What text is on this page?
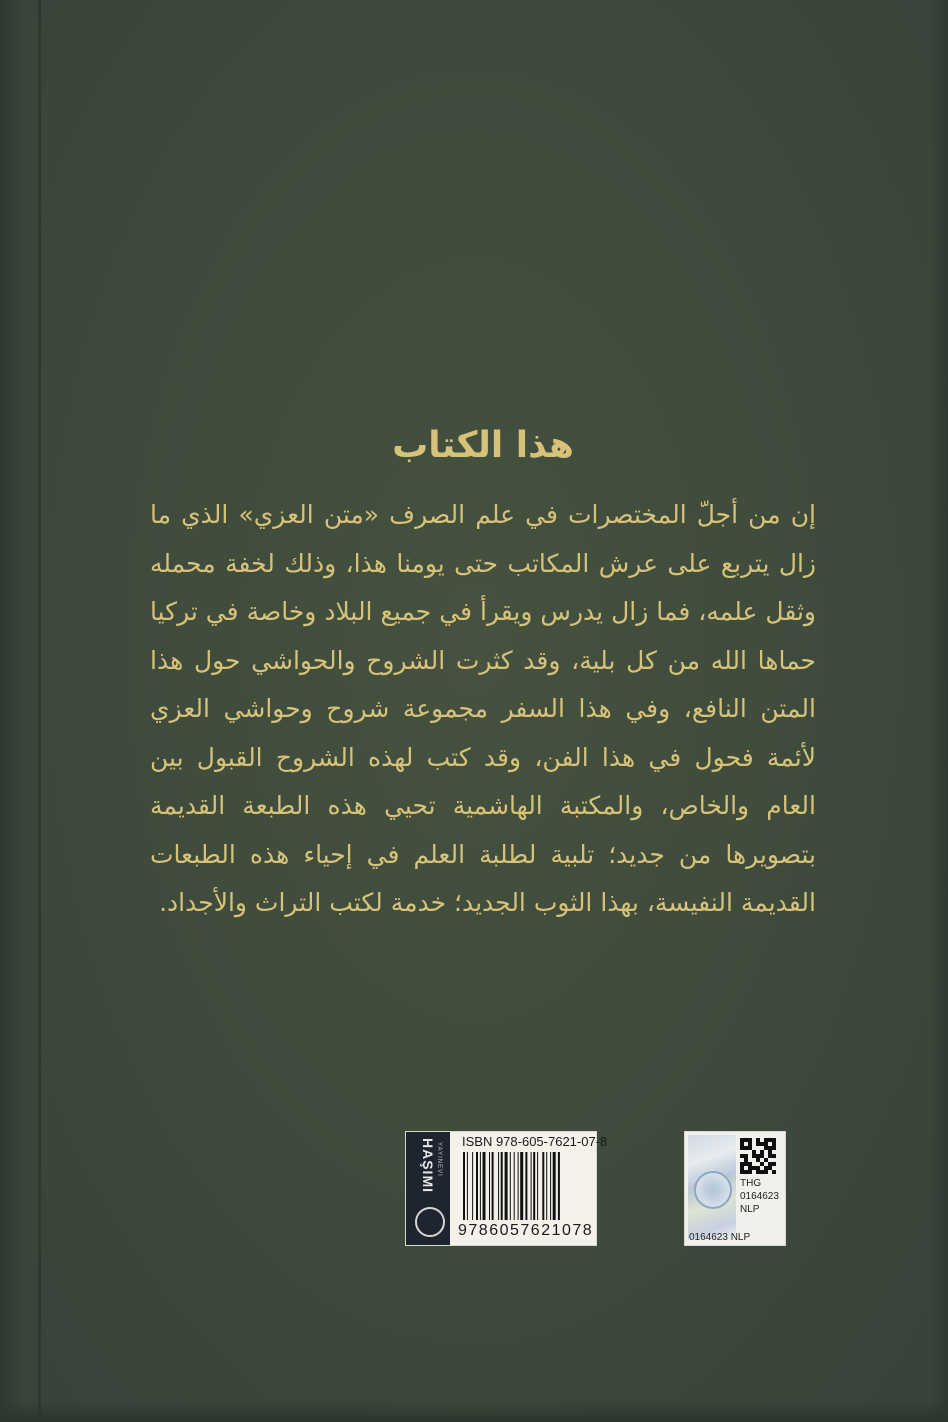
هذا الكتاب

إن من أجلّ المختصرات في علم الصرف «متن العزي» الذي ما زال يتربع على عرش المكاتب حتى يومنا هذا، وذلك لخفة محمله وثقل علمه، فما زال يدرس ويقرأ في جميع البلاد وخاصة في تركيا حماها الله من كل بلية، وقد كثرت الشروح والحواشي حول هذا المتن النافع، وفي هذا السفر مجموعة شروح وحواشي العزي لأئمة فحول في هذا الفن، وقد كتب لهذه الشروح القبول بين العام والخاص، والمكتبة الهاشمية تحيي هذه الطبعة القديمة بتصويرها من جديد؛ تلبية لطلبة العلم في إحياء هذه الطبعات القديمة النفيسة، بهذا الثوب الجديد؛ خدمة لكتب التراث والأجداد.

HAŞIMI YAYINEVI
ISBN 978-605-7621-07-8
9786057621078
THG
0164623
NLP
0164623 NLP
